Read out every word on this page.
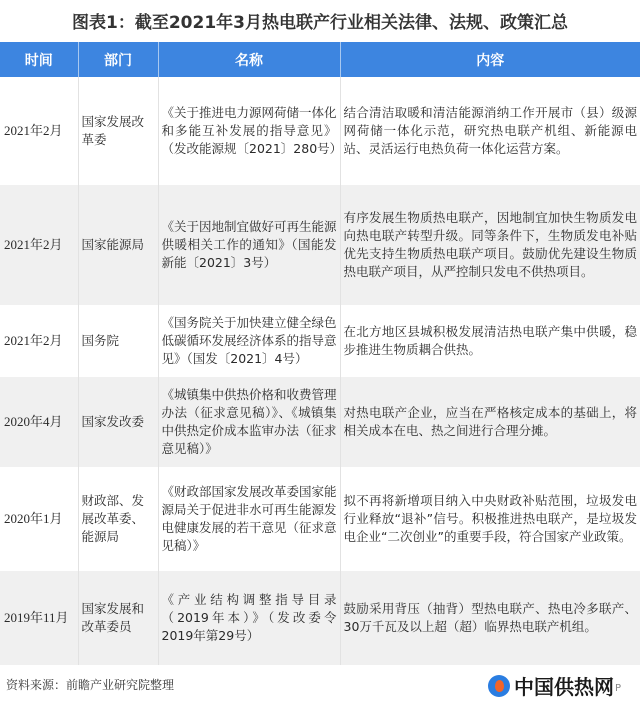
图表1：截至2021年3月热电联产行业相关法律、法规、政策汇总
时间	部门	名称	内容
2021年2月	国家发展改革委	《关于推进电力源网荷储一体化和多能互补发展的指导意见》（发改能源规〔2021〕280号）	结合清洁取暖和清洁能源消纳工作开展市（县）级源网荷储一体化示范，研究热电联产机组、新能源电站、灵活运行电热负荷一体化运营方案。
2021年2月	国家能源局	《关于因地制宜做好可再生能源供暖相关工作的通知》（国能发新能〔2021〕3号）	有序发展生物质热电联产，因地制宜加快生物质发电向热电联产转型升级。同等条件下，生物质发电补贴优先支持生物质热电联产项目。鼓励优先建设生物质热电联产项目，从严控制只发电不供热项目。
2021年2月	国务院	《国务院关于加快建立健全绿色低碳循环发展经济体系的指导意见》（国发〔2021〕4号）	在北方地区县城积极发展清洁热电联产集中供暖，稳步推进生物质耦合供热。
2020年4月	国家发改委	《城镇集中供热价格和收费管理办法（征求意见稿）》、《城镇集中供热定价成本监审办法（征求意见稿）》	对热电联产企业，应当在严格核定成本的基础上，将相关成本在电、热之间进行合理分摊。
2020年1月	财政部、发展改革委、能源局	《财政部国家发展改革委国家能源局关于促进非水可再生能源发电健康发展的若干意见（征求意见稿）》	拟不再将新增项目纳入中央财政补贴范围，垃圾发电行业释放“退补”信号。积极推进热电联产，是垃圾发电企业“二次创业”的重要手段，符合国家产业政策。
2019年11月	国家发展和改革委员	《产业结构调整指导目录（2019年本）》（发改委令2019年第29号）	鼓励采用背压（抽背）型热电联产、热电冷多联产、30万千瓦及以上超（超）临界热电联产机组。
资料来源：前瞻产业研究院整理	中国供热网 P
